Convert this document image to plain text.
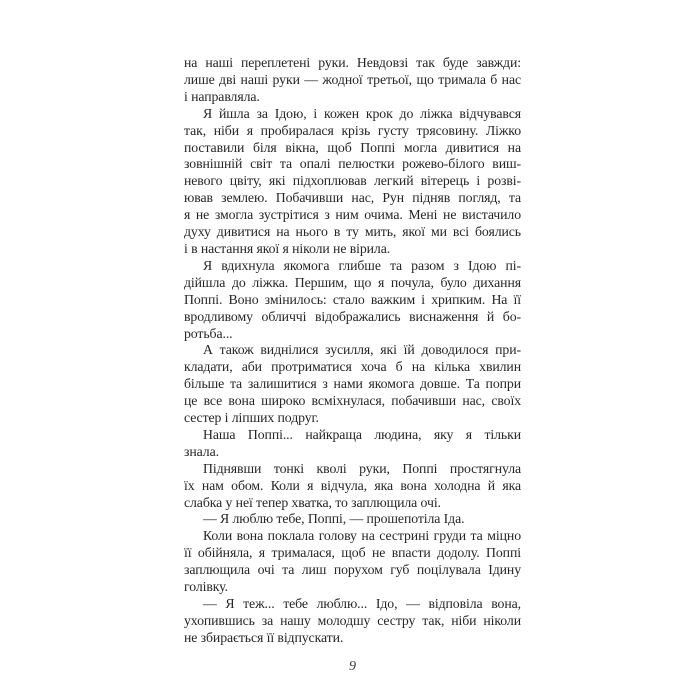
на наші переплетені руки. Невдовзі так буде завжди:
лише дві наші руки — жодної третьої, що тримала б нас
і направляла.
Я йшла за Ідою, і кожен крок до ліжка відчувався
так, ніби я пробиралася крізь густу трясовину. Ліжко
поставили біля вікна, щоб Поппі могла дивитися на
зовнішній світ та опалі пелюстки рожево-білого виш-
невого цвіту, які підхоплював легкий вітерець і розві-
ював землею. Побачивши нас, Рун підняв погляд, та
я не змогла зустрітися з ним очима. Мені не вистачило
духу дивитися на нього в ту мить, якої ми всі боялись
і в настання якої я ніколи не вірила.
Я вдихнула якомога глибше та разом з Ідою пі-
дійшла до ліжка. Першим, що я почула, було дихання
Поппі. Воно змінилось: стало важким і хрипким. На її
вродливому обличчі відображались виснаження й бо-
ротьба...
А також виднілися зусилля, які їй доводилося при-
кладати, аби протриматися хоча б на кілька хвилин
більше та залишитися з нами якомога довше. Та попри
це все вона широко всміхнулася, побачивши нас, своїх
сестер і ліпших подруг.
Наша Поппі... найкраща людина, яку я тільки
знала.
Піднявши тонкі кволі руки, Поппі простягнула
їх нам обом. Коли я відчула, яка вона холодна й яка
слабка у неї тепер хватка, то заплющила очі.
— Я люблю тебе, Поппі, — прошепотіла Іда.
Коли вона поклала голову на сестрині груди та міцно
її обійняла, я трималася, щоб не впасти додолу. Поппі
заплющила очі та лиш порухом губ поцілувала Ідину
голівку.
— Я теж... тебе люблю... Ідо, — відповіла вона,
ухопившись за нашу молодшу сестру так, ніби ніколи
не збирається її відпускати.
9
